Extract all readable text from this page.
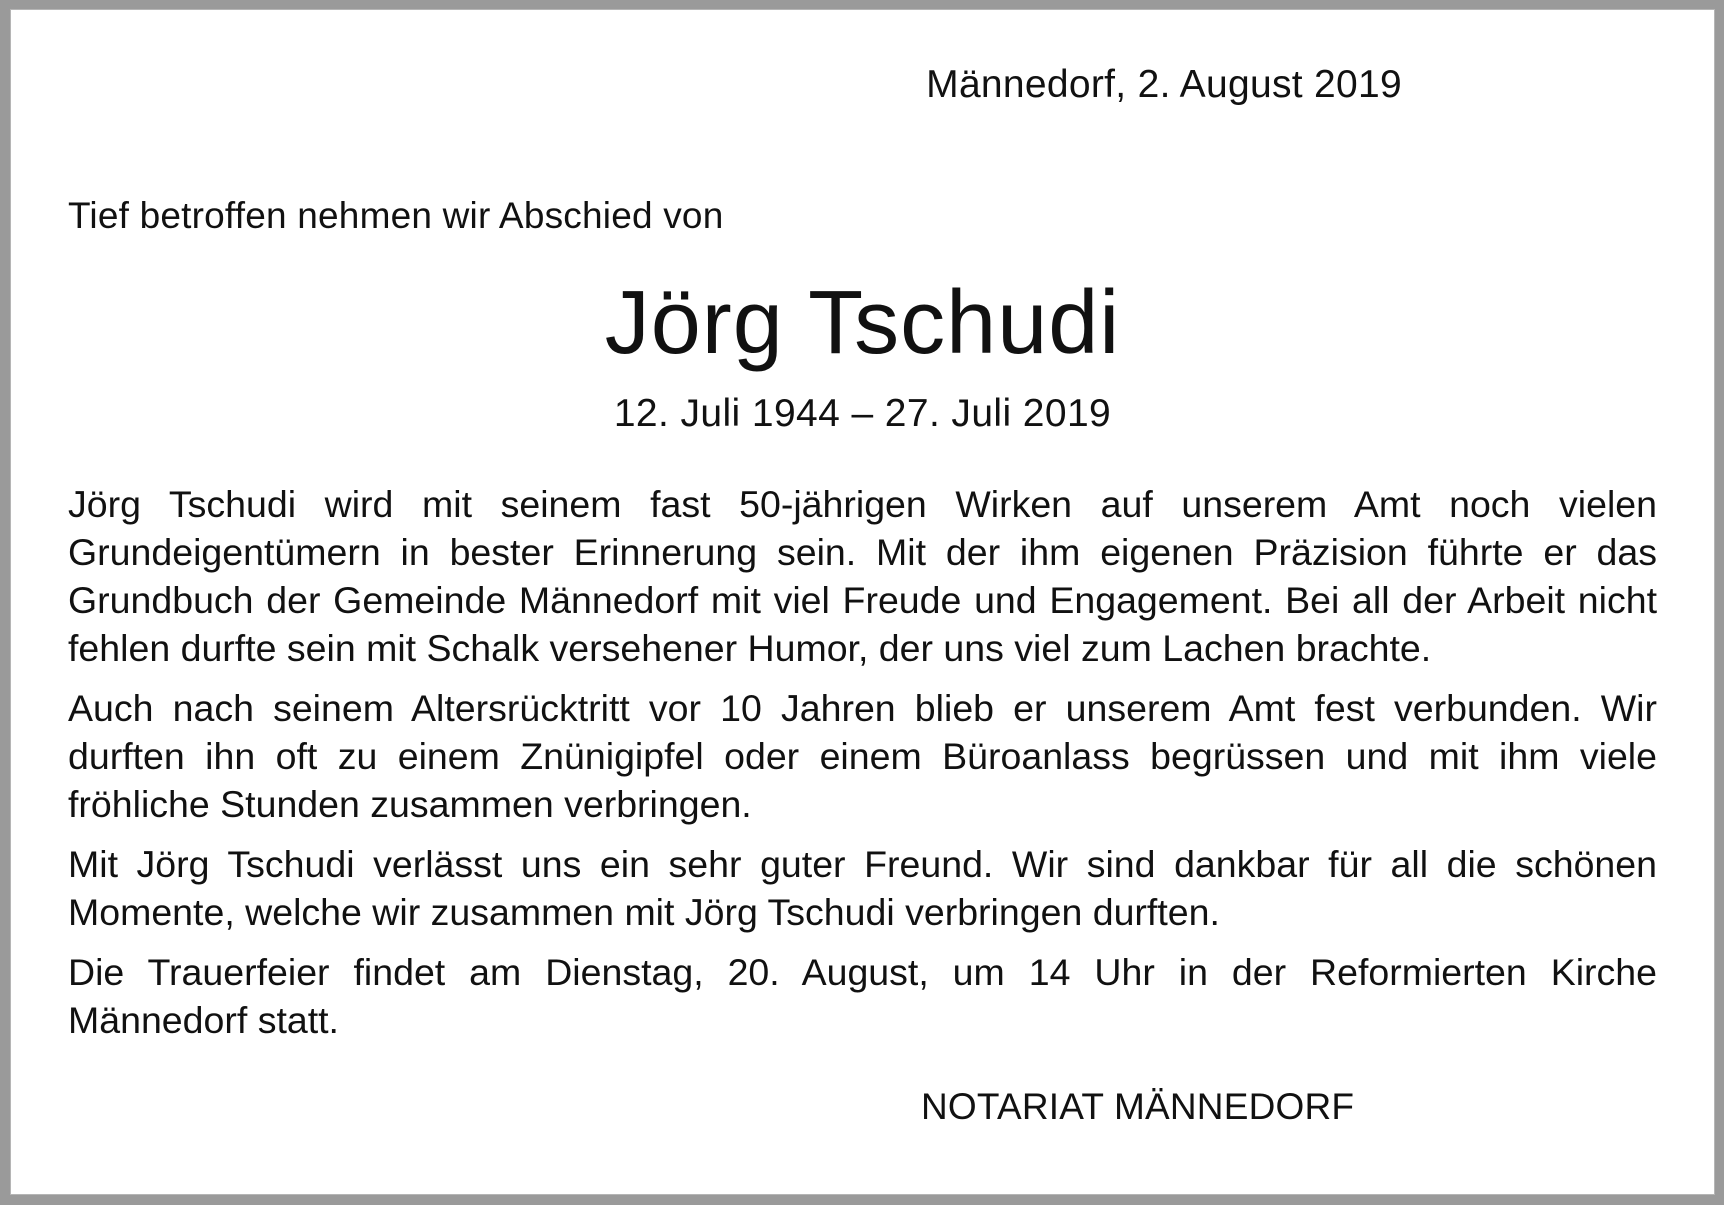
Männedorf, 2. August 2019
Tief betroffen nehmen wir Abschied von
Jörg Tschudi
12. Juli 1944 – 27. Juli 2019

Jörg Tschudi wird mit seinem fast 50-jährigen Wirken auf unserem Amt noch vielen Grundeigentümern in bester Erinnerung sein. Mit der ihm eigenen Präzision führte er das Grundbuch der Gemeinde Männedorf mit viel Freude und Engagement. Bei all der Arbeit nicht fehlen durfte sein mit Schalk versehener Humor, der uns viel zum Lachen brachte.

Auch nach seinem Altersrücktritt vor 10 Jahren blieb er unserem Amt fest verbunden. Wir durften ihn oft zu einem Znünigipfel oder einem Büroanlass begrüssen und mit ihm viele fröhliche Stunden zusammen verbringen.

Mit Jörg Tschudi verlässt uns ein sehr guter Freund. Wir sind dankbar für all die schönen Momente, welche wir zusammen mit Jörg Tschudi verbringen durften.

Die Trauerfeier findet am Dienstag, 20. August, um 14 Uhr in der Reformierten Kirche Männedorf statt.

NOTARIAT MÄNNEDORF
